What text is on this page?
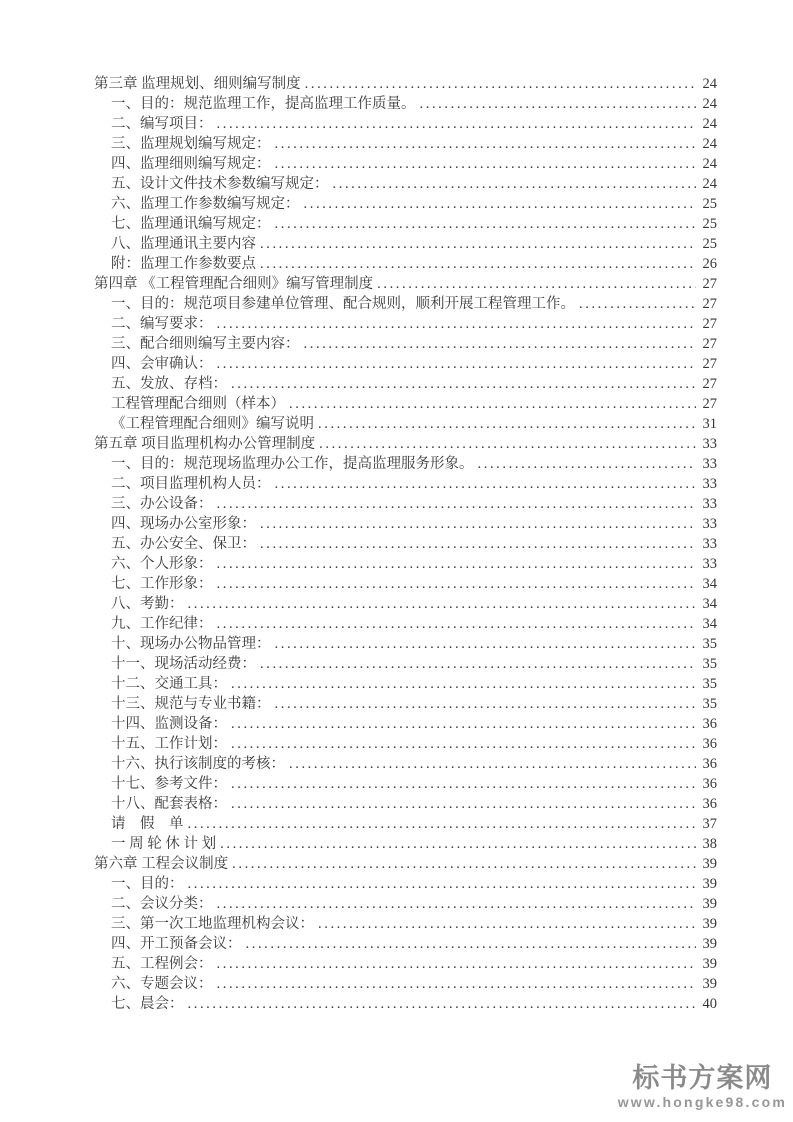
第三章 监理规划、细则编写制度 .....	24
一、目的：规范监理工作，提高监理工作质量。 .....	24
二、编写项目： .....	24
三、监理规划编写规定： .....	24
四、监理细则编写规定： .....	24
五、设计文件技术参数编写规定： .....	24
六、监理工作参数编写规定： .....	25
七、监理通讯编写规定： .....	25
八、监理通讯主要内容 .....	25
附：监理工作参数要点 .....	26
第四章 《工程管理配合细则》编写管理制度 .....	27
一、目的：规范项目参建单位管理、配合规则，顺利开展工程管理工作。 .....	27
二、编写要求： .....	27
三、配合细则编写主要内容： .....	27
四、会审确认： .....	27
五、发放、存档： .....	27
工程管理配合细则（样本） .....	27
《工程管理配合细则》编写说明 .....	31
第五章 项目监理机构办公管理制度 .....	33
一、目的：规范现场监理办公工作，提高监理服务形象。 .....	33
二、项目监理机构人员： .....	33
三、办公设备： .....	33
四、现场办公室形象： .....	33
五、办公安全、保卫： .....	33
六、个人形象： .....	33
七、工作形象： .....	34
八、考勤： .....	34
九、工作纪律： .....	34
十、现场办公物品管理： .....	35
十一、现场活动经费： .....	35
十二、交通工具： .....	35
十三、规范与专业书籍： .....	35
十四、监测设备： .....	36
十五、工作计划： .....	36
十六、执行该制度的考核： .....	36
十七、参考文件： .....	36
十八、配套表格： .....	36
请　假　单 .....	37
一 周 轮 休 计 划 .....	38
第六章 工程会议制度 .....	39
一、目的： .....	39
二、会议分类： .....	39
三、第一次工地监理机构会议： .....	39
四、开工预备会议： .....	39
五、工程例会： .....	39
六、专题会议： .....	39
七、晨会： .....	40
标书方案网
www.hongke98.com
